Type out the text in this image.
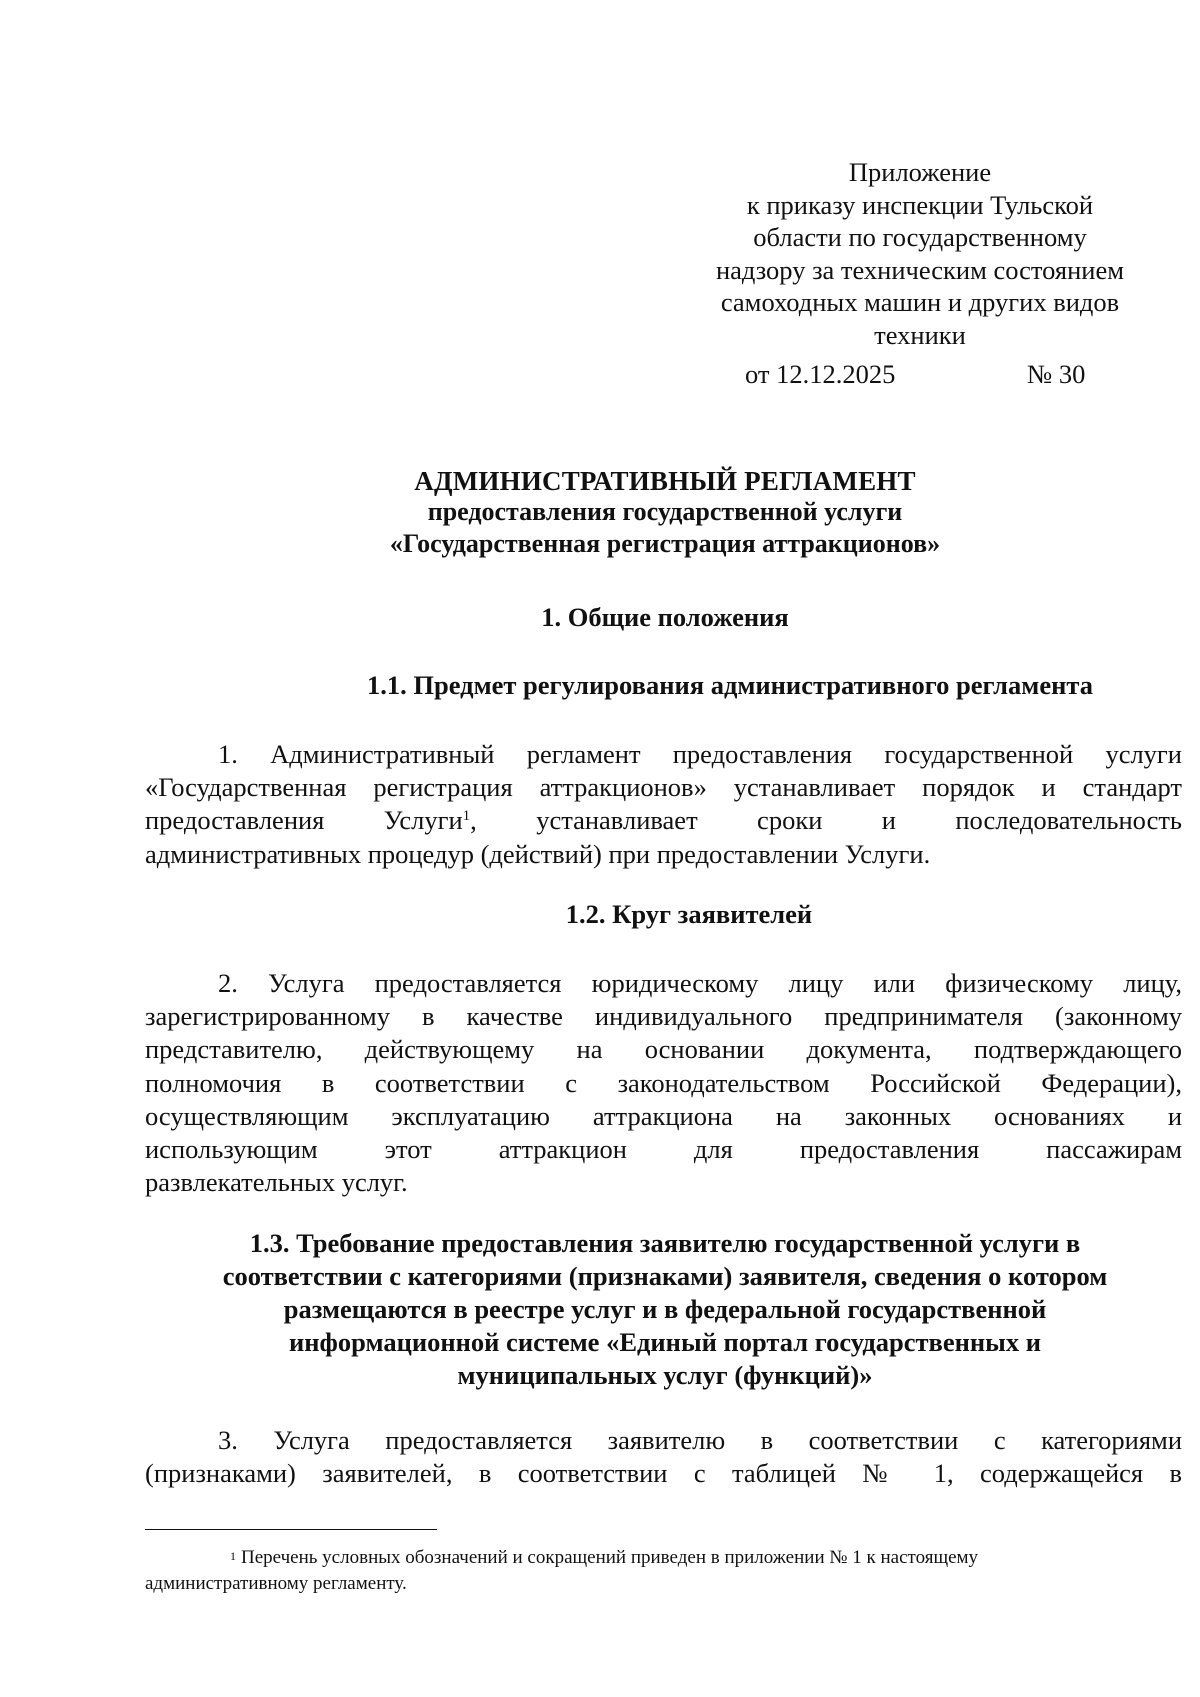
Приложение
к приказу инспекции Тульской
области по государственному
надзору за техническим состоянием
самоходных машин и других видов
техники
от 12.12.2025	№ 30
АДМИНИСТРАТИВНЫЙ РЕГЛАМЕНТ
предоставления государственной услуги
«Государственная регистрация аттракционов»
1. Общие положения
1.1. Предмет регулирования административного регламента
1. Административный регламент предоставления государственной услуги
«Государственная регистрация аттракционов» устанавливает порядок и стандарт
предоставления Услуги$^1$, устанавливает сроки и последовательность
административных процедур (действий) при предоставлении Услуги.
1.2. Круг заявителей
2. Услуга предоставляется юридическому лицу или физическому лицу,
зарегистрированному в качестве индивидуального предпринимателя (законному
представителю, действующему на основании документа, подтверждающего
полномочия в соответствии с законодательством Российской Федерации),
осуществляющим эксплуатацию аттракциона на законных основаниях и
использующим этот аттракцион для предоставления пассажирам
развлекательных услуг.
1.3. Требование предоставления заявителю государственной услуги в
соответствии с категориями (признаками) заявителя, сведения о котором
размещаются в реестре услуг и в федеральной государственной
информационной системе «Единый портал государственных и
муниципальных услуг (функций)»
3. Услуга предоставляется заявителю в соответствии с категориями
(признаками) заявителей, в соответствии с таблицей № 1, содержащейся в
$^1$ Перечень условных обозначений и сокращений приведен в приложении № 1 к настоящему
административному регламенту.
